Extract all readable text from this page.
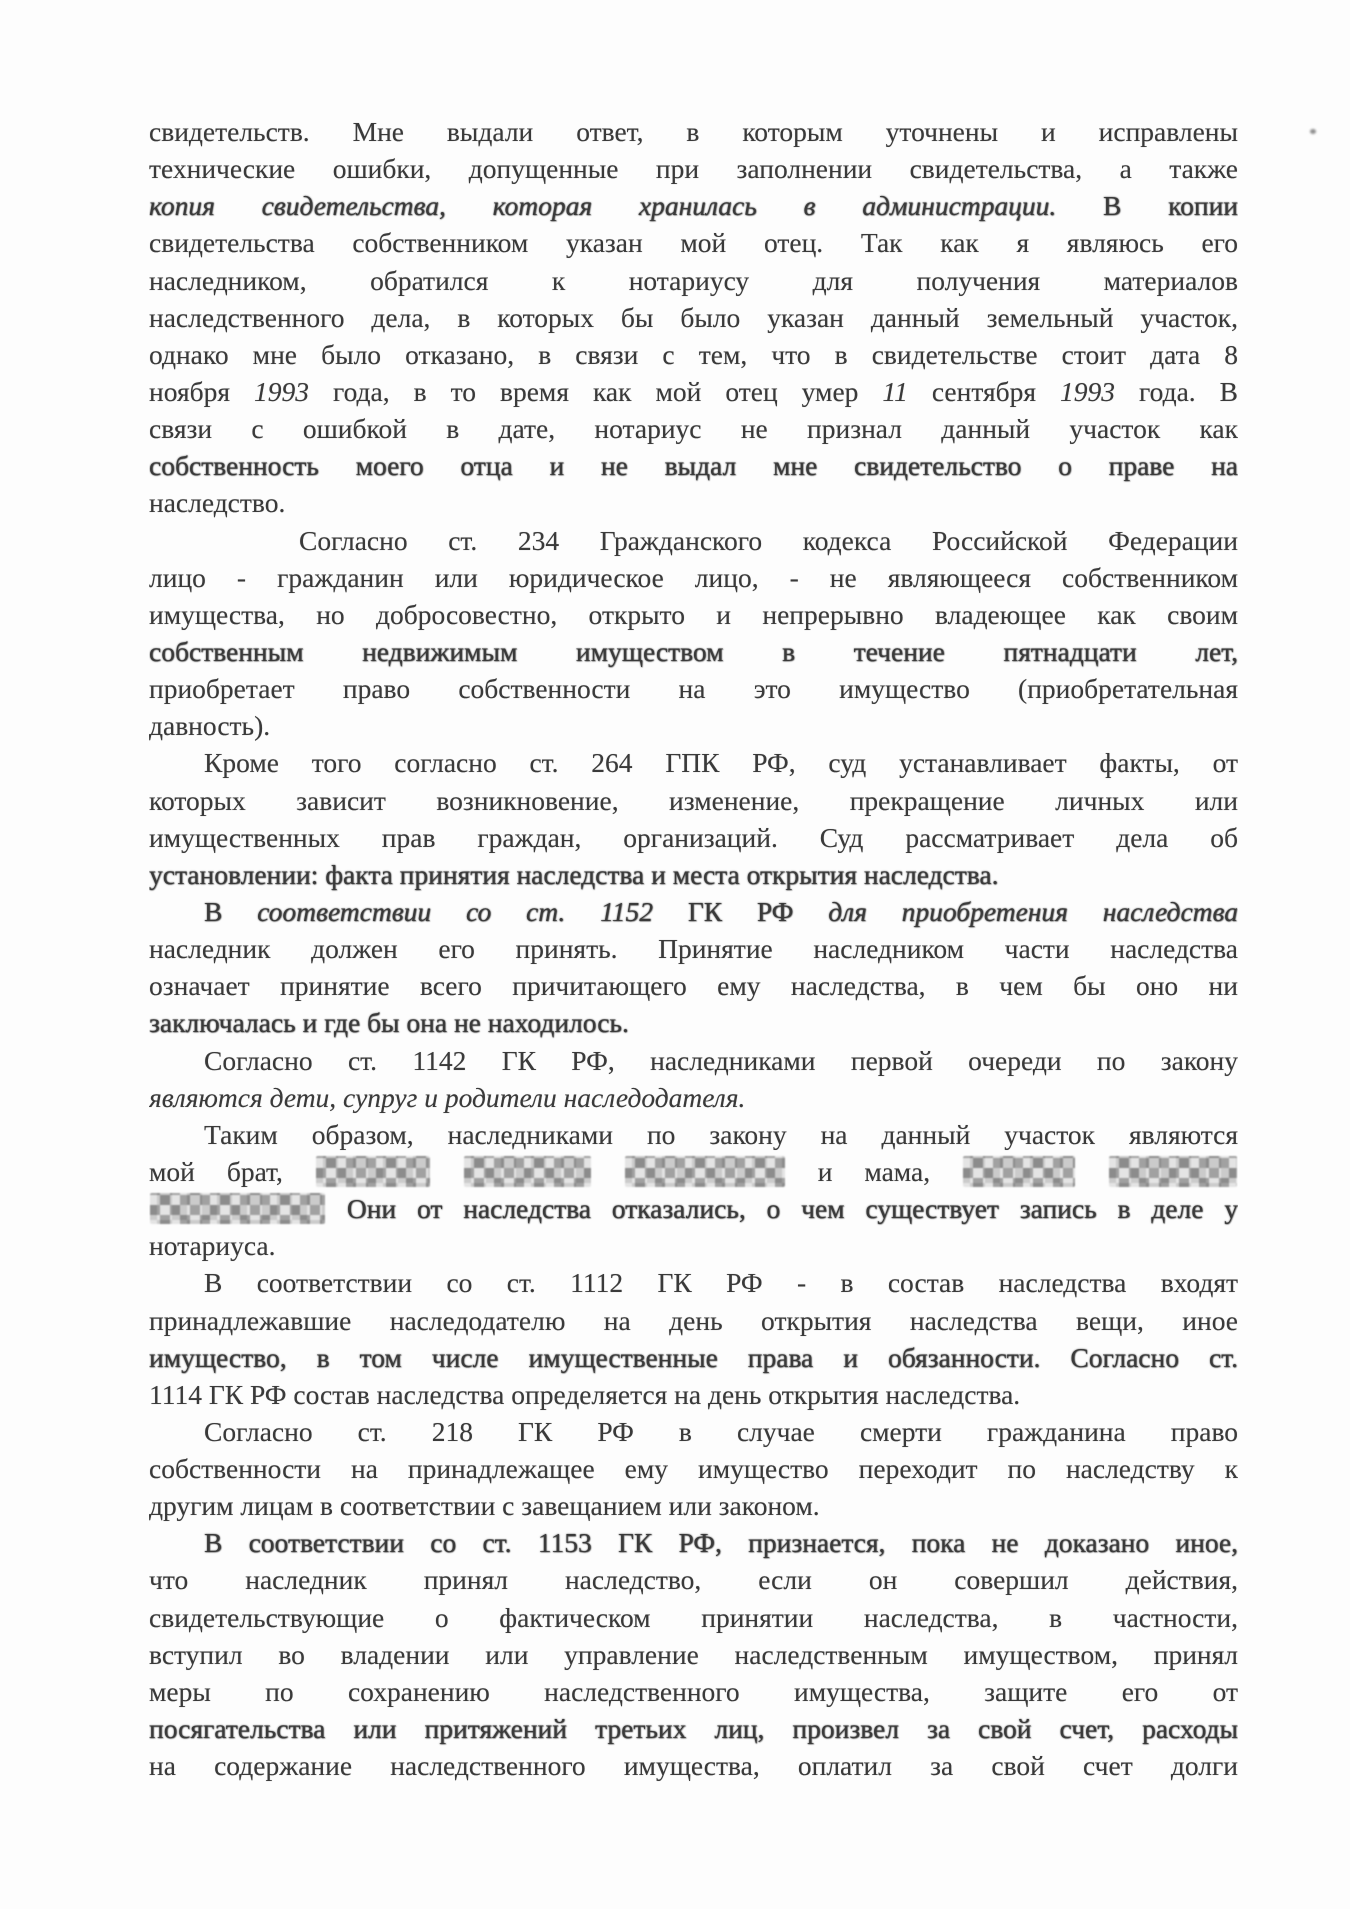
свидетельств. Мне выдали ответ, в которым уточнены и исправлены
технические ошибки, допущенные при заполнении свидетельства, а также
копия свидетельства, которая хранилась в администрации. В копии
свидетельства собственником указан мой отец. Так как я являюсь его
наследником, обратился к нотариусу для получения материалов
наследственного дела, в которых бы было указан данный земельный участок,
однако мне было отказано, в связи с тем, что в свидетельстве стоит дата 8
ноября 1993 года, в то время как мой отец умер 11 сентября 1993 года. В
связи с ошибкой в дате, нотариус не признал данный участок как
собственность моего отца и не выдал мне свидетельство о праве на
наследство.
Согласно ст. 234 Гражданского кодекса Российской Федерации
лицо - гражданин или юридическое лицо, - не являющееся собственником
имущества, но добросовестно, открыто и непрерывно владеющее как своим
собственным недвижимым имуществом в течение пятнадцати лет,
приобретает право собственности на это имущество (приобретательная
давность).
Кроме того согласно ст. 264 ГПК РФ, суд устанавливает факты, от
которых зависит возникновение, изменение, прекращение личных или
имущественных прав граждан, организаций. Суд рассматривает дела об
установлении: факта принятия наследства и места открытия наследства.
В соответствии со ст. 1152 ГК РФ для приобретения наследства
наследник должен его принять. Принятие наследником части наследства
означает принятие всего причитающего ему наследства, в чем бы оно ни
заключалась и где бы она не находилось.
Согласно ст. 1142 ГК РФ, наследниками первой очереди по закону
являются дети, супруг и родители наследодателя.
Таким образом, наследниками по закону на данный участок являются
мой брат,	и мама,
Они от наследства отказались, о чем существует запись в деле у
нотариуса.
В соответствии со ст. 1112 ГК РФ - в состав наследства входят
принадлежавшие наследодателю на день открытия наследства вещи, иное
имущество, в том числе имущественные права и обязанности. Согласно ст.
1114 ГК РФ состав наследства определяется на день открытия наследства.
Согласно ст. 218 ГК РФ в случае смерти гражданина право
собственности на принадлежащее ему имущество переходит по наследству к
другим лицам в соответствии с завещанием или законом.
В соответствии со ст. 1153 ГК РФ, признается, пока не доказано иное,
что наследник принял наследство, если он совершил действия,
свидетельствующие о фактическом принятии наследства, в частности,
вступил во владении или управление наследственным имуществом, принял
меры по сохранению наследственного имущества, защите его от
посягательства или притяжений третьих лиц, произвел за свой счет, расходы
на содержание наследственного имущества, оплатил за свой счет долги
